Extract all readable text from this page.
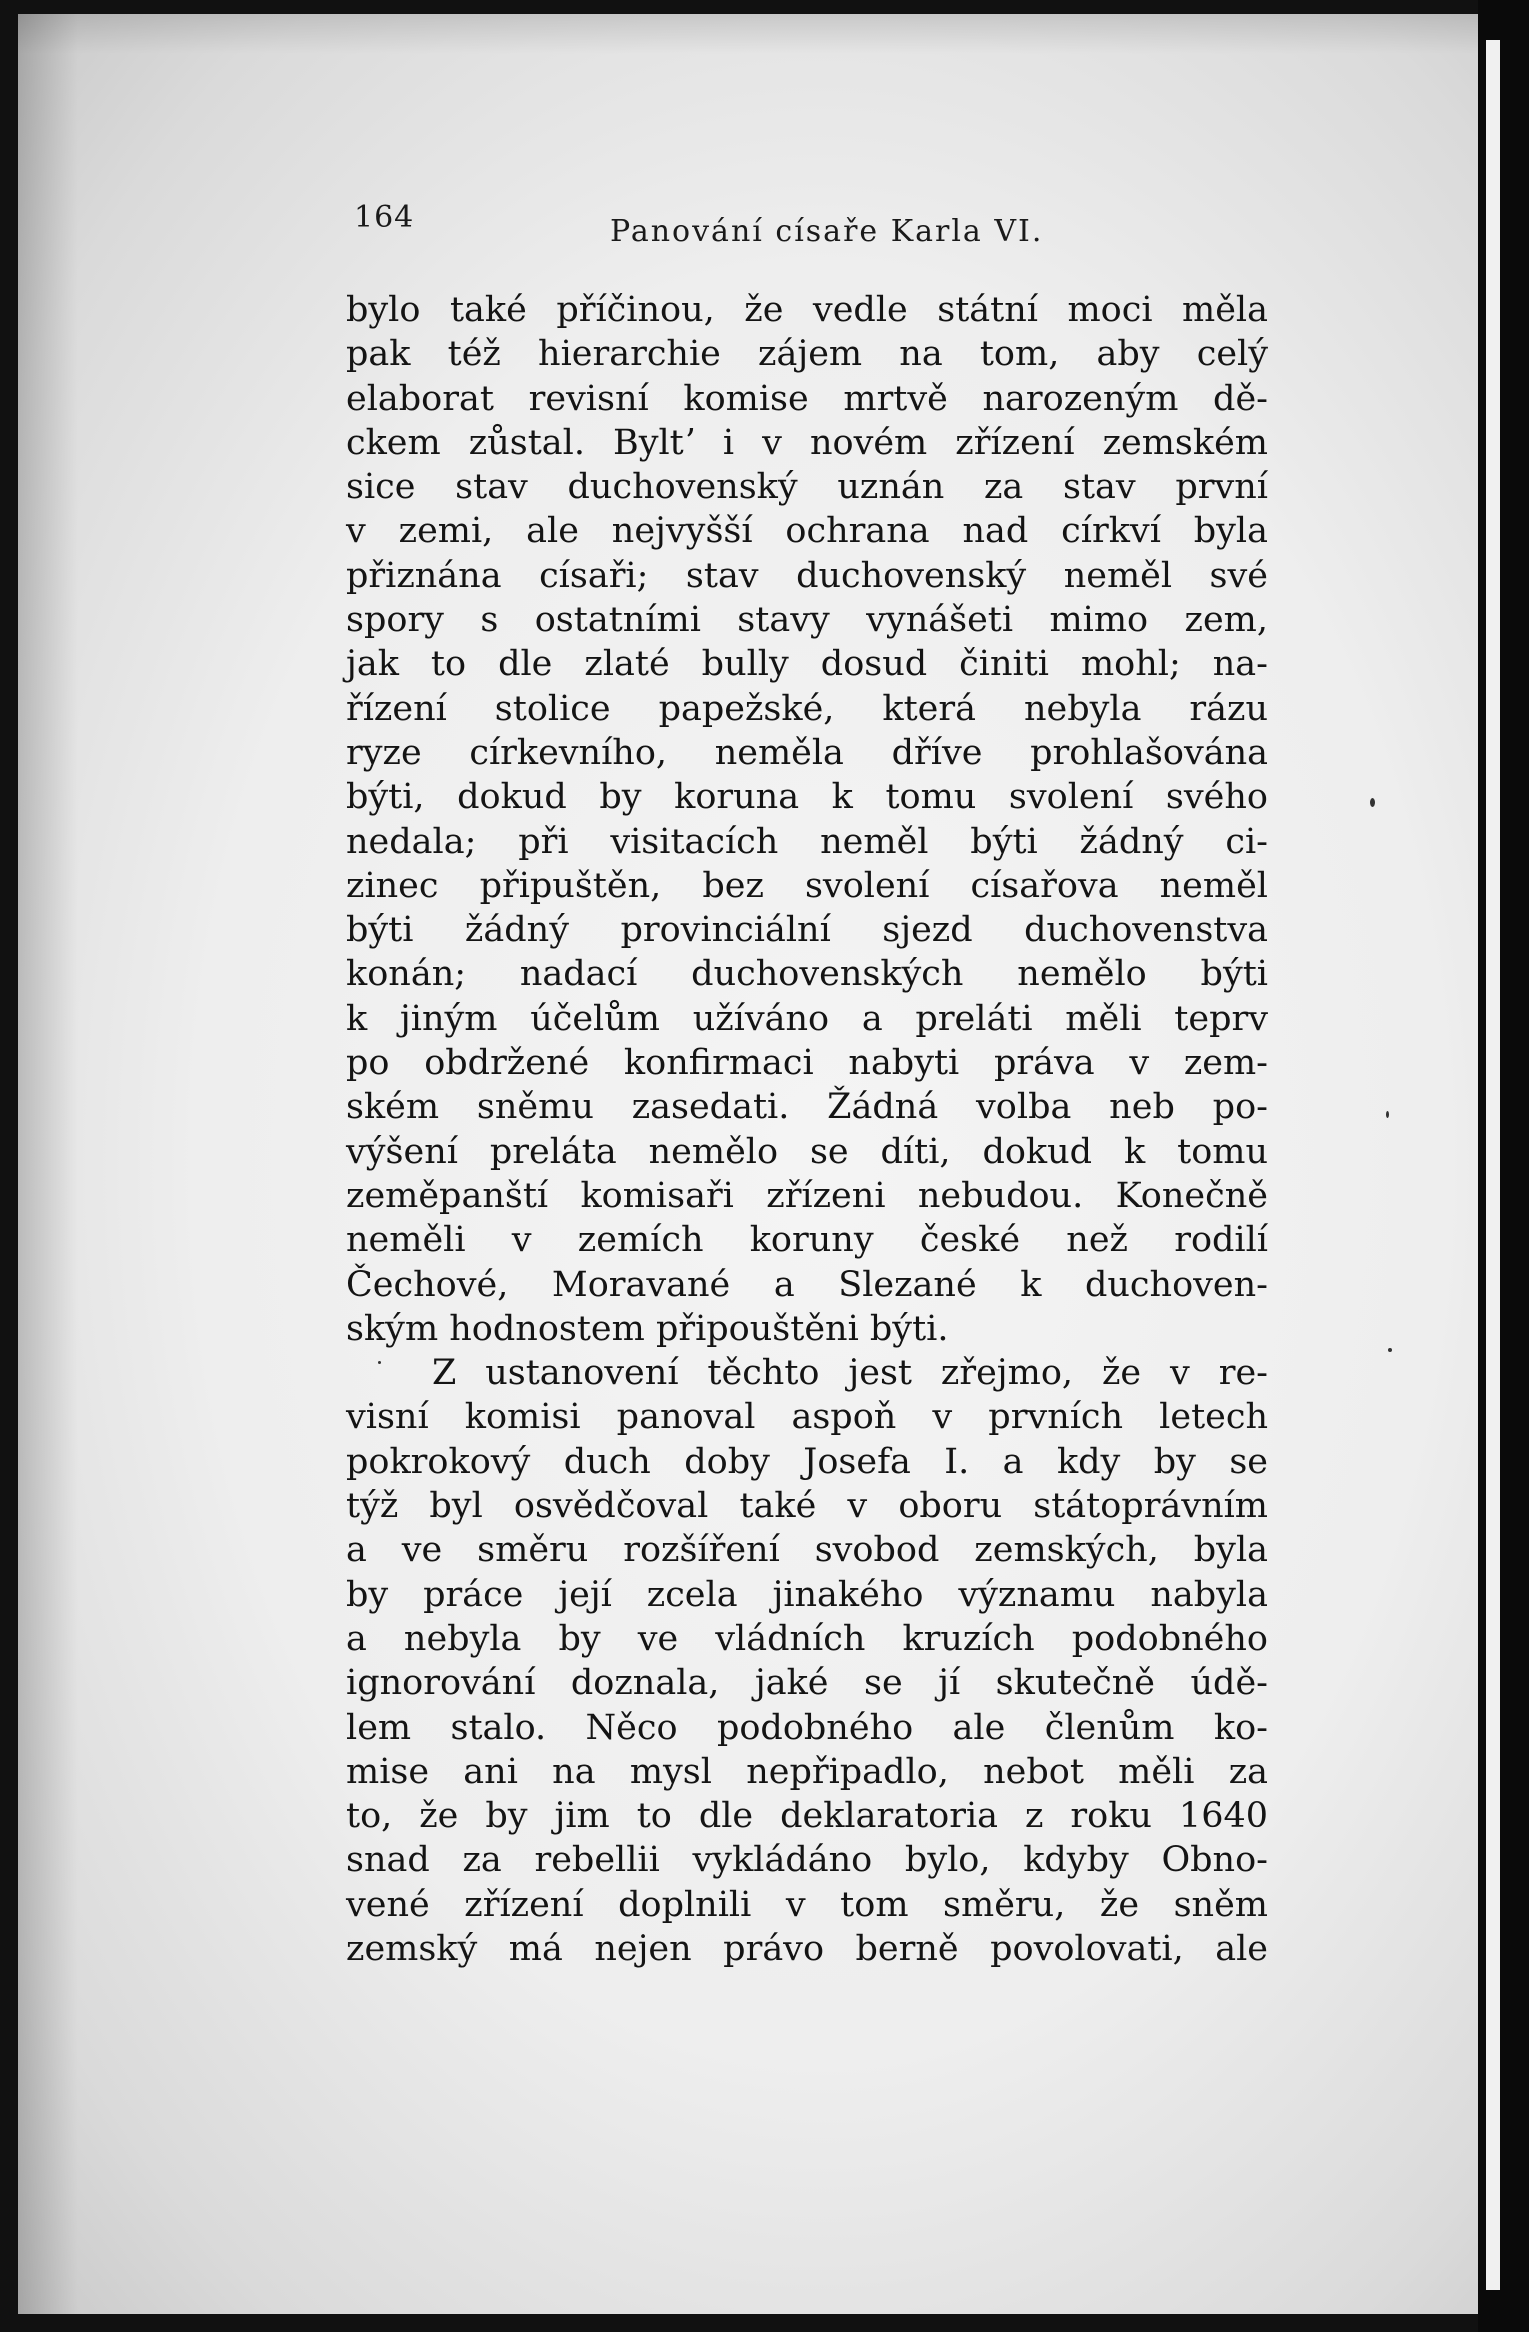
164	Panování císaře Karla VI.
bylo také příčinou, že vedle státní moci měla
pak též hierarchie zájem na tom, aby celý
elaborat revisní komise mrtvě narozeným dě-
ckem zůstal. Byltʼ i v novém zřízení zemském
sice stav duchovenský uznán za stav první
v zemi, ale nejvyšší ochrana nad církví byla
přiznána císaři; stav duchovenský neměl své
spory s ostatními stavy vynášeti mimo zem,
jak to dle zlaté bully dosud činiti mohl; na-
řízení stolice papežské, která nebyla rázu
ryze církevního, neměla dříve prohlašována
býti, dokud by koruna k tomu svolení svého
nedala; při visitacích neměl býti žádný ci-
zinec připuštěn, bez svolení císařova neměl
býti žádný provinciální sjezd duchovenstva
konán; nadací duchovenských nemělo býti
k jiným účelům užíváno a preláti měli teprv
po obdržené konfirmaci nabyti práva v zem-
ském sněmu zasedati. Žádná volba neb po-
výšení preláta nemělo se díti, dokud k tomu
zeměpanští komisaři zřízeni nebudou. Konečně
neměli v zemích koruny české než rodilí
Čechové, Moravané a Slezané k duchoven-
ským hodnostem připouštěni býti.
Z ustanovení těchto jest zřejmo, že v re-
visní komisi panoval aspoň v prvních letech
pokrokový duch doby Josefa I. a kdy by se
týž byl osvědčoval také v oboru státoprávním
a ve směru rozšíření svobod zemských, byla
by práce její zcela jinakého významu nabyla
a nebyla by ve vládních kruzích podobného
ignorování doznala, jaké se jí skutečně údě-
lem stalo. Něco podobného ale členům ko-
mise ani na mysl nepřipadlo, nebot měli za
to, že by jim to dle deklaratoria z roku 1640
snad za rebellii vykládáno bylo, kdyby Obno-
vené zřízení doplnili v tom směru, že sněm
zemský má nejen právo berně povolovati, ale
